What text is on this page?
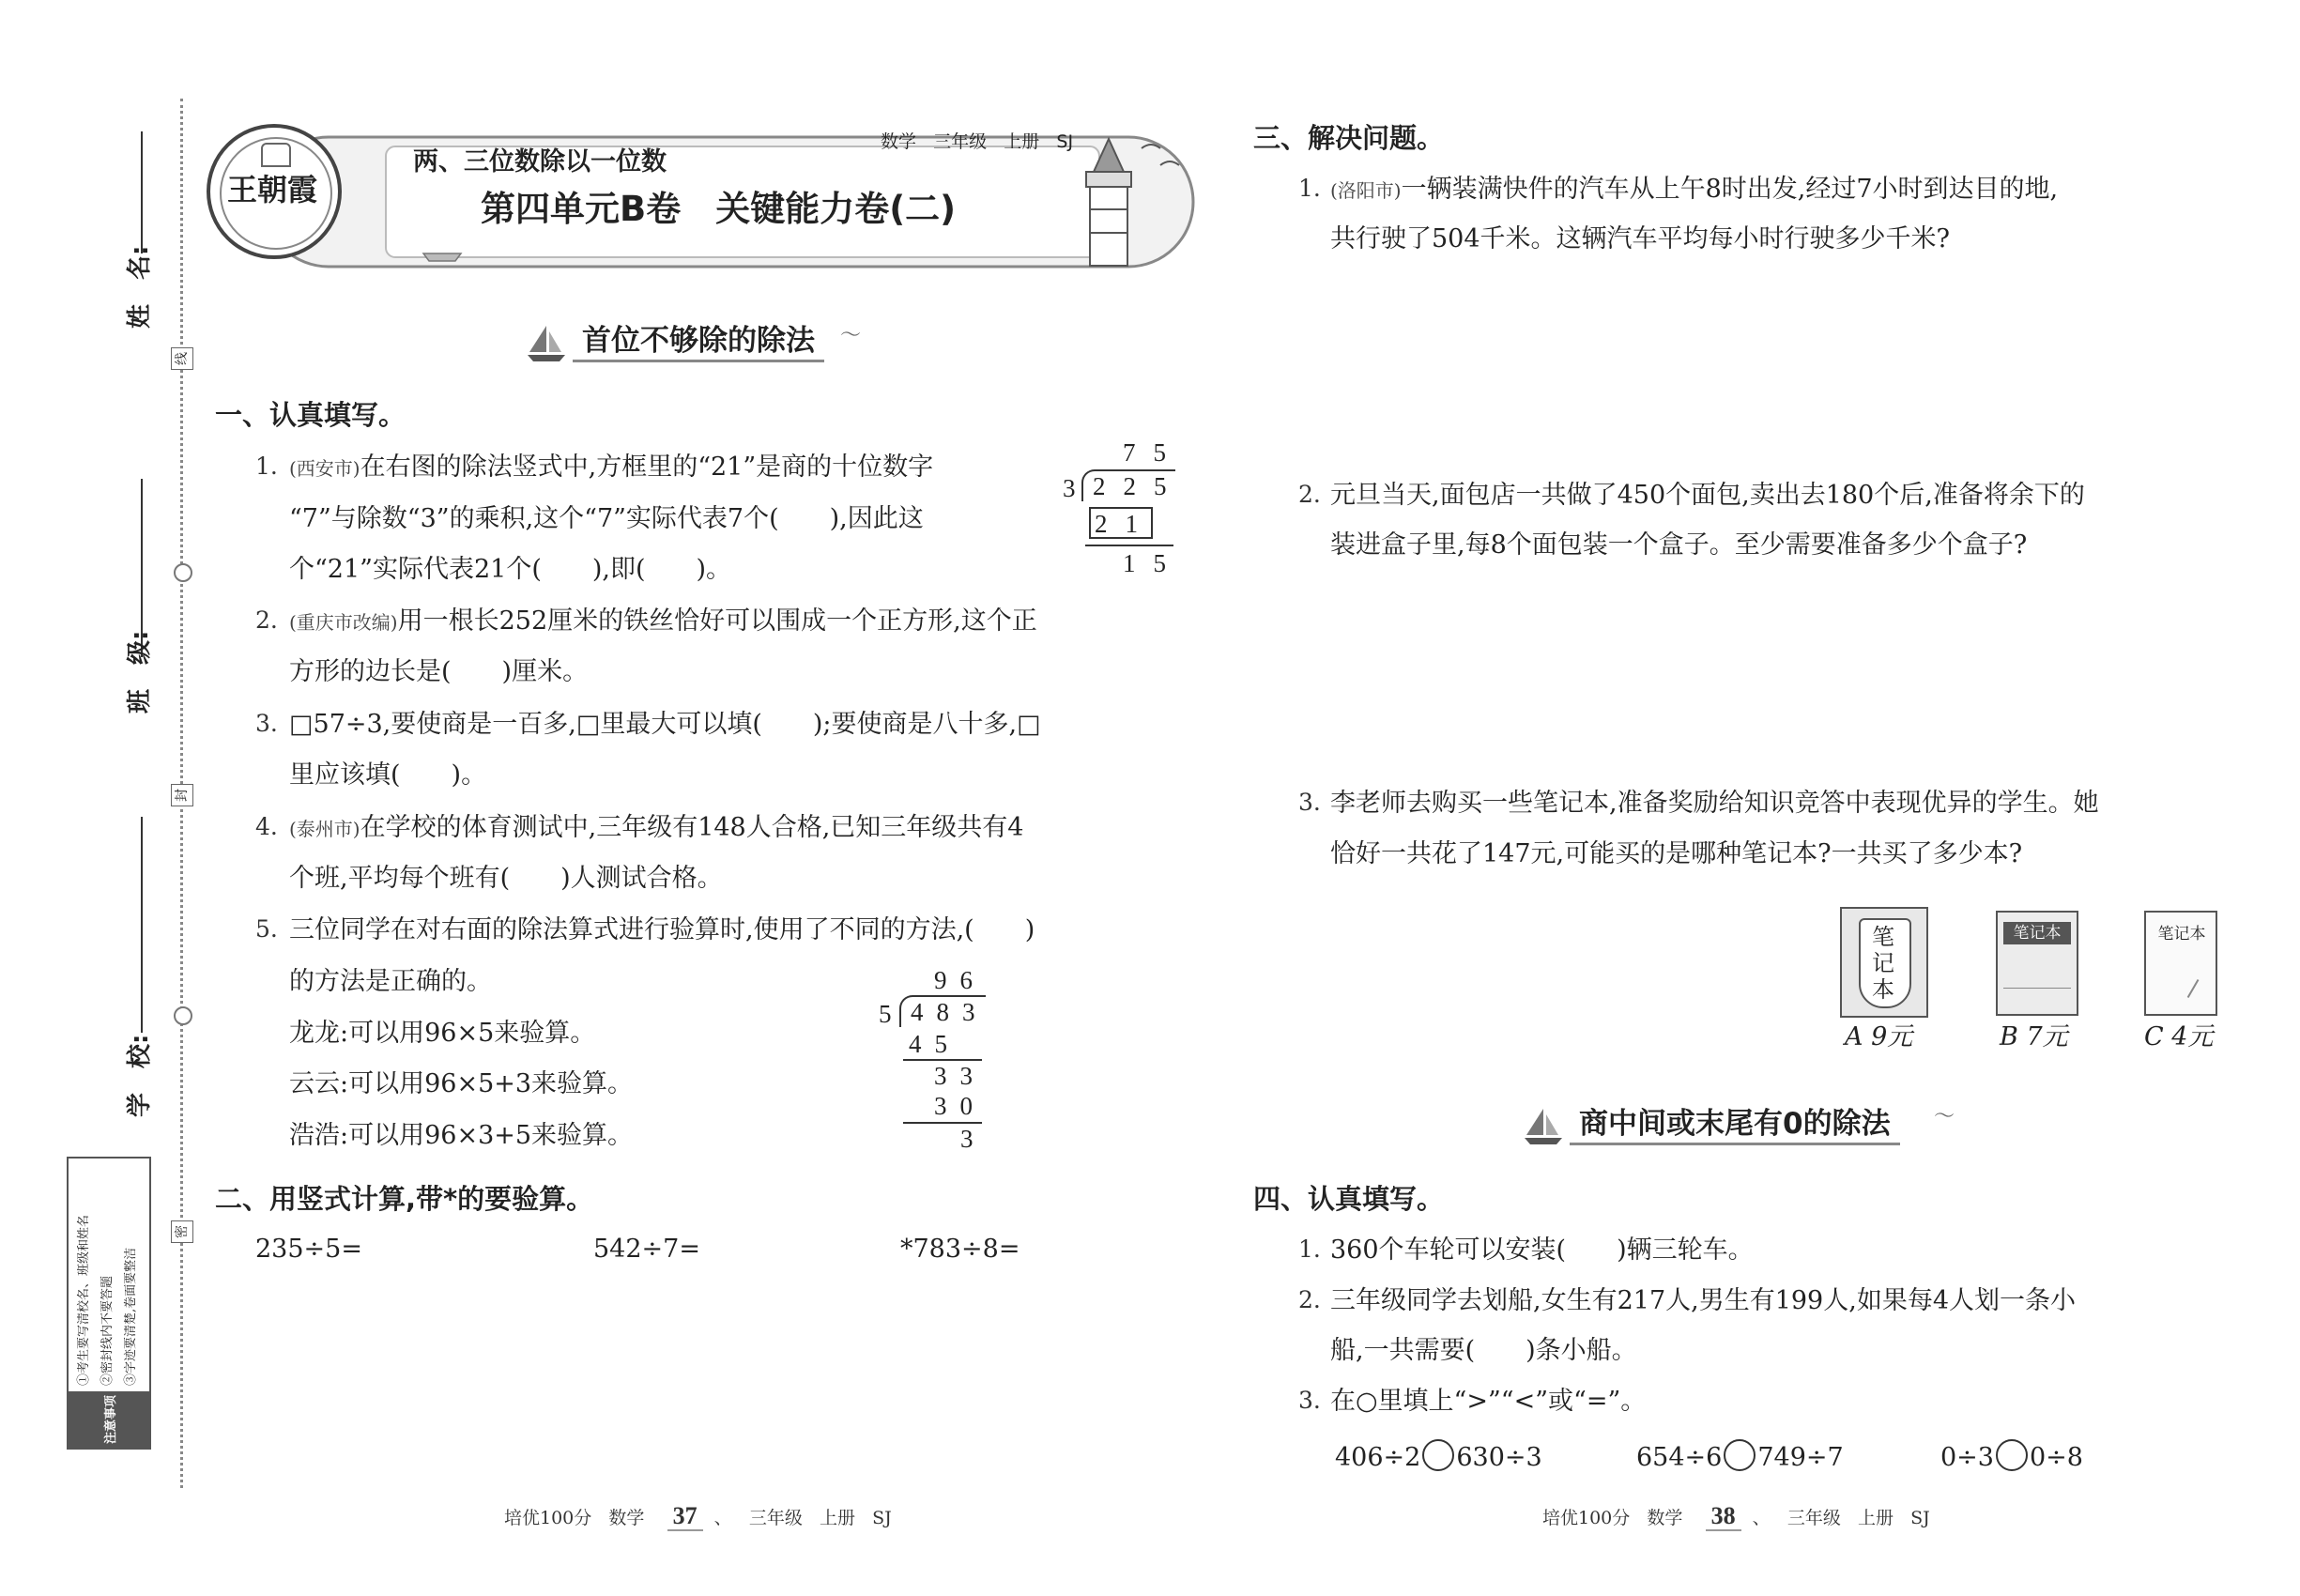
姓　名:
班　级:
学　校:
线
封
密
注意事项
①考生要写清校名、班级和姓名 ②密封线内不要答题 ③字迹要清楚,卷面要整洁
王朝霞
两、三位数除以一位数
数学 三年级 上册 SJ
第四单元B卷　关键能力卷(二)
首位不够除的除法	〜
一、认真填写。
1. (西安市)在右图的除法竖式中,方框里的“21”是商的十位数字
“7”与除数“3”的乘积,这个“7”实际代表7个(　　),因此这
个“21”实际代表21个(　　),即(　　)。
75
3 225
21
15
2. (重庆市改编)用一根长252厘米的铁丝恰好可以围成一个正方形,这个正
方形的边长是(　　)厘米。
3. □57÷3,要使商是一百多,□里最大可以填(　　);要使商是八十多,□
里应该填(　　)。
4. (泰州市)在学校的体育测试中,三年级有148人合格,已知三年级共有4
个班,平均每个班有(　　)人测试合格。
5. 三位同学在对右面的除法算式进行验算时,使用了不同的方法,(　　)
的方法是正确的。
龙龙:可以用96×5来验算。
云云:可以用96×5+3来验算。
浩浩:可以用96×3+5来验算。
96
5 483
45
33
30
3
二、用竖式计算,带*的要验算。
235÷5=	542÷7=	*783÷8=
培优100分 数学 37 、 三年级 上册 SJ
三、解决问题。
1. (洛阳市)一辆装满快件的汽车从上午8时出发,经过7小时到达目的地,
共行驶了504千米。这辆汽车平均每小时行驶多少千米?
2. 元旦当天,面包店一共做了450个面包,卖出去180个后,准备将余下的
装进盒子里,每8个面包装一个盒子。至少需要准备多少个盒子?
3. 李老师去购买一些笔记本,准备奖励给知识竞答中表现优异的学生。她
恰好一共花了147元,可能买的是哪种笔记本?一共买了多少本?
笔记本
A 9元
笔记本
B 7元
笔记本
C 4元
商中间或末尾有0的除法	〜
四、认真填写。
1. 360个车轮可以安装(　　)辆三轮车。
2. 三年级同学去划船,女生有217人,男生有199人,如果每4人划一条小
船,一共需要(　　)条小船。
3. 在○里填上“>”“<”或“=”。
406÷2 630÷3	654÷6 749÷7	0÷3 0÷8
培优100分 数学 38 、 三年级 上册 SJ
